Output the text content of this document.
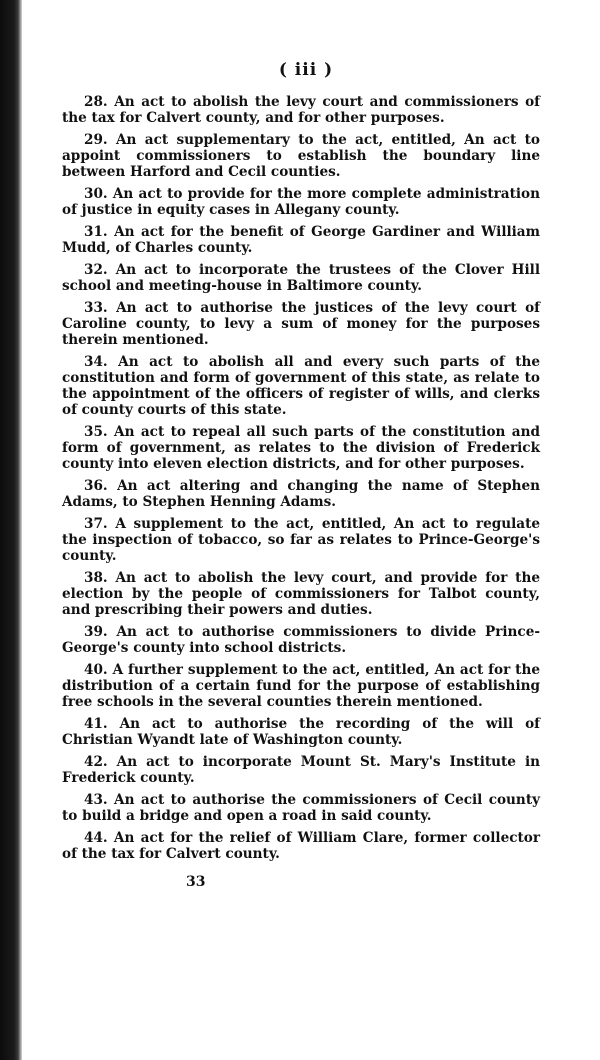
( iii )

28. An act to abolish the levy court and commissioners of the tax for Calvert county, and for other purposes.

29. An act supplementary to the act, entitled, An act to appoint commissioners to establish the boundary line between Harford and Cecil counties.

30. An act to provide for the more complete administration of justice in equity cases in Allegany county.

31. An act for the benefit of George Gardiner and William Mudd, of Charles county.

32. An act to incorporate the trustees of the Clover Hill school and meeting-house in Baltimore county.

33. An act to authorise the justices of the levy court of Caroline county, to levy a sum of money for the purposes therein mentioned.

34. An act to abolish all and every such parts of the constitution and form of government of this state, as relate to the appointment of the officers of register of wills, and clerks of county courts of this state.

35. An act to repeal all such parts of the constitution and form of government, as relates to the division of Frederick county into eleven election districts, and for other purposes.

36. An act altering and changing the name of Stephen Adams, to Stephen Henning Adams.

37. A supplement to the act, entitled, An act to regulate the inspection of tobacco, so far as relates to Prince-George's county.

38. An act to abolish the levy court, and provide for the election by the people of commissioners for Talbot county, and prescribing their powers and duties.

39. An act to authorise commissioners to divide Prince-George's county into school districts.

40. A further supplement to the act, entitled, An act for the distribution of a certain fund for the purpose of establishing free schools in the several counties therein mentioned.

41. An act to authorise the recording of the will of Christian Wyandt late of Washington county.

42. An act to incorporate Mount St. Mary's Institute in Frederick county.

43. An act to authorise the commissioners of Cecil county to build a bridge and open a road in said county.

44. An act for the relief of William Clare, former collector of the tax for Calvert county.

33
